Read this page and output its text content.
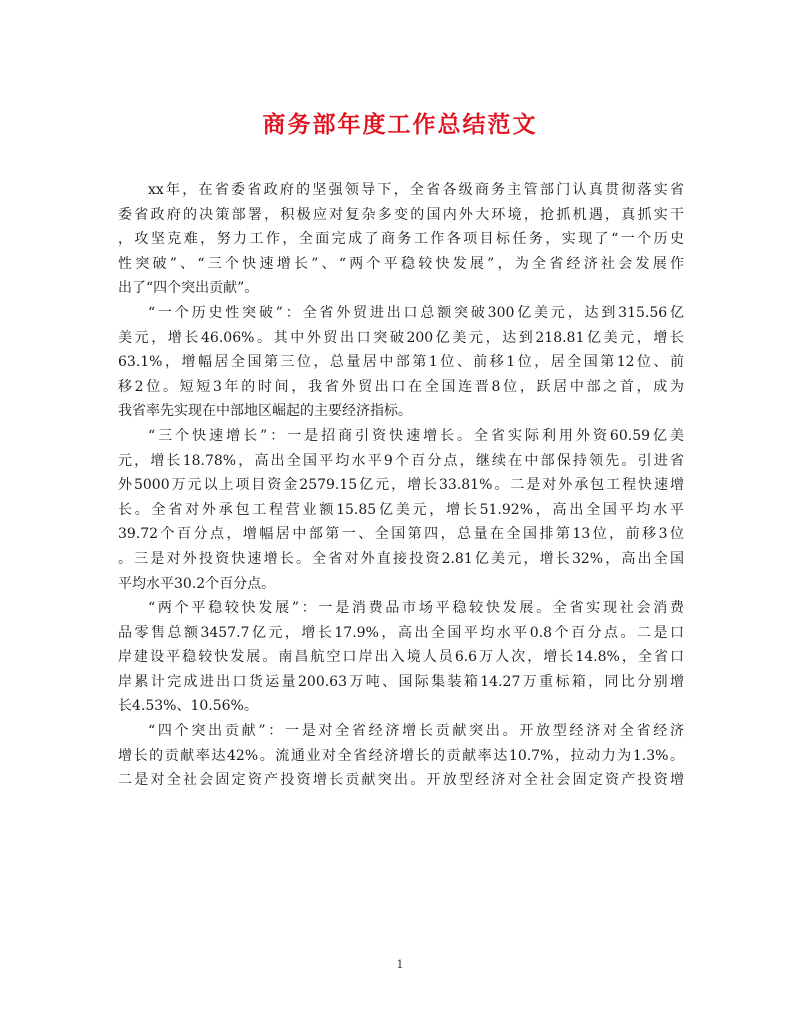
商务部年度工作总结范文
xx年，在省委省政府的坚强领导下，全省各级商务主管部门认真贯彻落实省
委省政府的决策部署，积极应对复杂多变的国内外大环境，抢抓机遇，真抓实干
，攻坚克难，努力工作，全面完成了商务工作各项目标任务，实现了“一个历史
性突破”、“三个快速增长”、“两个平稳较快发展”，为全省经济社会发展作
出了“四个突出贡献”。
“一个历史性突破”：全省外贸进出口总额突破300亿美元，达到315.56亿
美元，增长46.06%。其中外贸出口突破200亿美元，达到218.81亿美元，增长
63.1%，增幅居全国第三位，总量居中部第1位、前移1位，居全国第12位、前
移2位。短短3年的时间，我省外贸出口在全国连晋8位，跃居中部之首，成为
我省率先实现在中部地区崛起的主要经济指标。
“三个快速增长”：一是招商引资快速增长。全省实际利用外资60.59亿美
元，增长18.78%，高出全国平均水平9个百分点，继续在中部保持领先。引进省
外5000万元以上项目资金2579.15亿元，增长33.81%。二是对外承包工程快速增
长。全省对外承包工程营业额15.85亿美元，增长51.92%，高出全国平均水平
39.72个百分点，增幅居中部第一、全国第四，总量在全国排第13位，前移3位
。三是对外投资快速增长。全省对外直接投资2.81亿美元，增长32%，高出全国
平均水平30.2个百分点。
“两个平稳较快发展”：一是消费品市场平稳较快发展。全省实现社会消费
品零售总额3457.7亿元，增长17.9%，高出全国平均水平0.8个百分点。二是口
岸建设平稳较快发展。南昌航空口岸出入境人员6.6万人次，增长14.8%，全省口
岸累计完成进出口货运量200.63万吨、国际集装箱14.27万重标箱，同比分别增
长4.53%、10.56%。
“四个突出贡献”：一是对全省经济增长贡献突出。开放型经济对全省经济
增长的贡献率达42%。流通业对全省经济增长的贡献率达10.7%，拉动力为1.3%。
二是对全社会固定资产投资增长贡献突出。开放型经济对全社会固定资产投资增
1
